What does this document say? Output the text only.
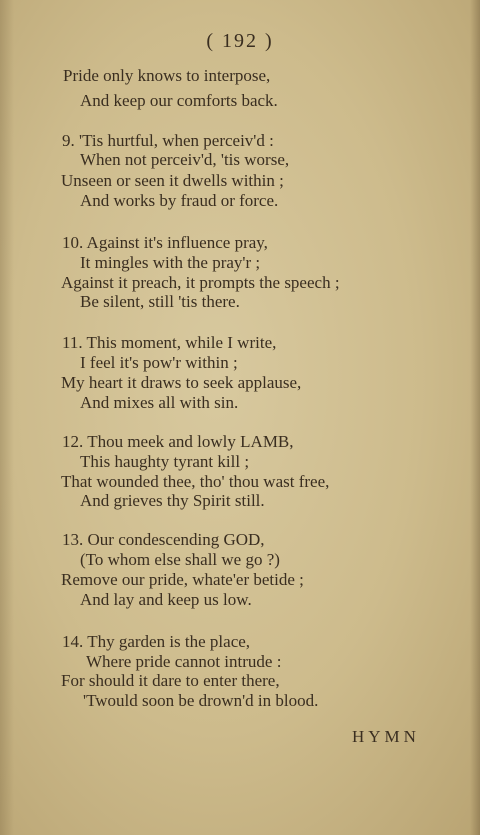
( 192 )
Pride only knows to interpose,
And keep our comforts back.
9. 'Tis hurtful, when perceiv'd :
When not perceiv'd, 'tis worse,
Unseen or seen it dwells within ;
And works by fraud or force.
10. Against it's influence pray,
It mingles with the pray'r ;
Against it preach, it prompts the speech ;
Be silent, still 'tis there.
11. This moment, while I write,
I feel it's pow'r within ;
My heart it draws to seek applause,
And mixes all with sin.
12. Thou meek and lowly LAMB,
This haughty tyrant kill ;
That wounded thee, tho' thou wast free,
And grieves thy Spirit still.
13. Our condescending GOD,
(To whom else shall we go ?)
Remove our pride, whate'er betide ;
And lay and keep us low.
14. Thy garden is the place,
Where pride cannot intrude :
For should it dare to enter there,
'Twould soon be drown'd in blood.
HYMN
